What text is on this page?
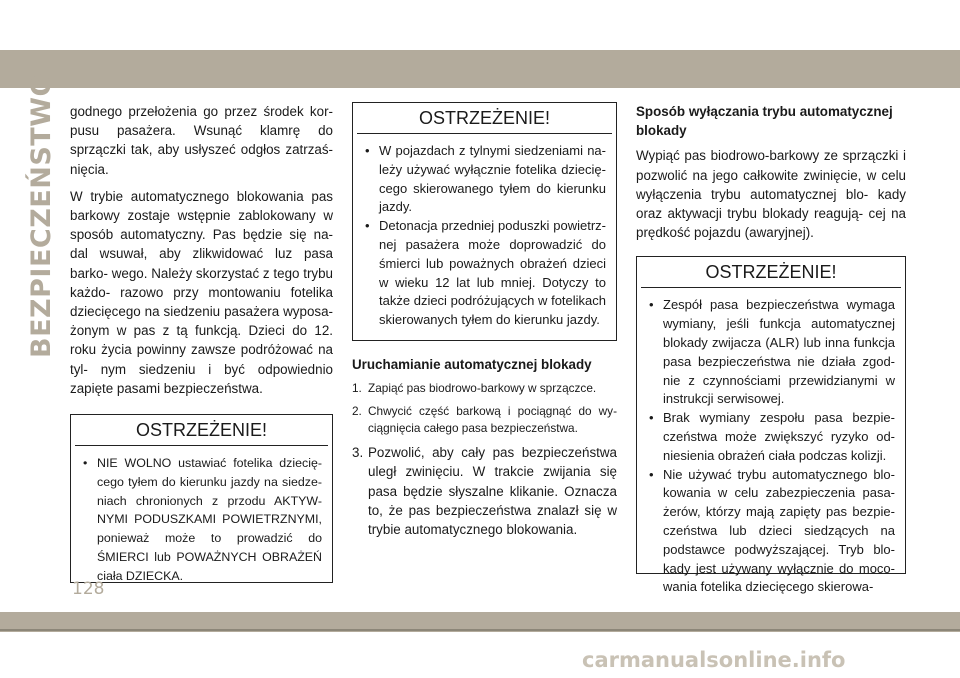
BEZPIECZEŃSTWO godnego przełożenia go przez środek kor- pusu pasażera. Wsunąć klamrę do sprzączki tak, aby usłyszeć odgłos zatrzaś- nięcia.

W trybie automatycznego blokowania pas barkowy zostaje wstępnie zablokowany w sposób automatyczny. Pas będzie się na- dal wsuwał, aby zlikwidować luz pasa barko- wego. Należy skorzystać z tego trybu każdo- razowo przy montowaniu fotelika dziecięcego na siedzeniu pasażera wyposa- żonym w pas z tą funkcją. Dzieci do 12. roku życia powinny zawsze podróżować na tyl- nym siedzeniu i być odpowiednio zapięte pasami bezpieczeństwa.

OSTRZEŻENIE!

• NIE WOLNO ustawiać fotelika dziecię- cego tyłem do kierunku jazdy na siedze- niach chronionych z przodu AKTYW- NYMI PODUSZKAMI POWIETRZNYMI, ponieważ może to prowadzić do ŚMIERCI lub POWAŻNYCH OBRAŻEŃ ciała DZIECKA.

OSTRZEŻENIE!

• W pojazdach z tylnymi siedzeniami na- leży używać wyłącznie fotelika dziecię- cego skierowanego tyłem do kierunku jazdy.

• Detonacja przedniej poduszki powietrz- nej pasażera może doprowadzić do śmierci lub poważnych obrażeń dzieci w wieku 12 lat lub mniej. Dotyczy to także dzieci podróżujących w fotelikach skierowanych tyłem do kierunku jazdy.

Uruchamianie automatycznej blokady

1. Zapiąć pas biodrowo-barkowy w sprzączce.
2. Chwycić część barkową i pociągnąć do wy- ciągnięcia całego pasa bezpieczeństwa.
3. Pozwolić, aby cały pas bezpieczeństwa uległ zwinięciu. W trakcie zwijania się pasa będzie słyszalne klikanie. Oznacza to, że pas bezpieczeństwa znalazł się w trybie automatycznego blokowania.

Sposób wyłączania trybu automatycznej blokady

Wypiąć pas biodrowo-barkowy ze sprzączki i pozwolić na jego całkowite zwinięcie, w celu wyłączenia trybu automatycznej blo- kady oraz aktywacji trybu blokady reagują- cej na prędkość pojazdu (awaryjnej).

OSTRZEŻENIE!

• Zespół pasa bezpieczeństwa wymaga wymiany, jeśli funkcja automatycznej blokady zwijacza (ALR) lub inna funkcja pasa bezpieczeństwa nie działa zgod- nie z czynnościami przewidzianymi w instrukcji serwisowej.

• Brak wymiany zespołu pasa bezpie- czeństwa może zwiększyć ryzyko od- niesienia obrażeń ciała podczas kolizji.

• Nie używać trybu automatycznego blo- kowania w celu zabezpieczenia pasa- żerów, którzy mają zapięty pas bezpie- czeństwa lub dzieci siedzących na podstawce podwyższającej. Tryb blo- kady jest używany wyłącznie do moco- wania fotelika dziecięcego skierowa-

128
carmanualsonline.info
